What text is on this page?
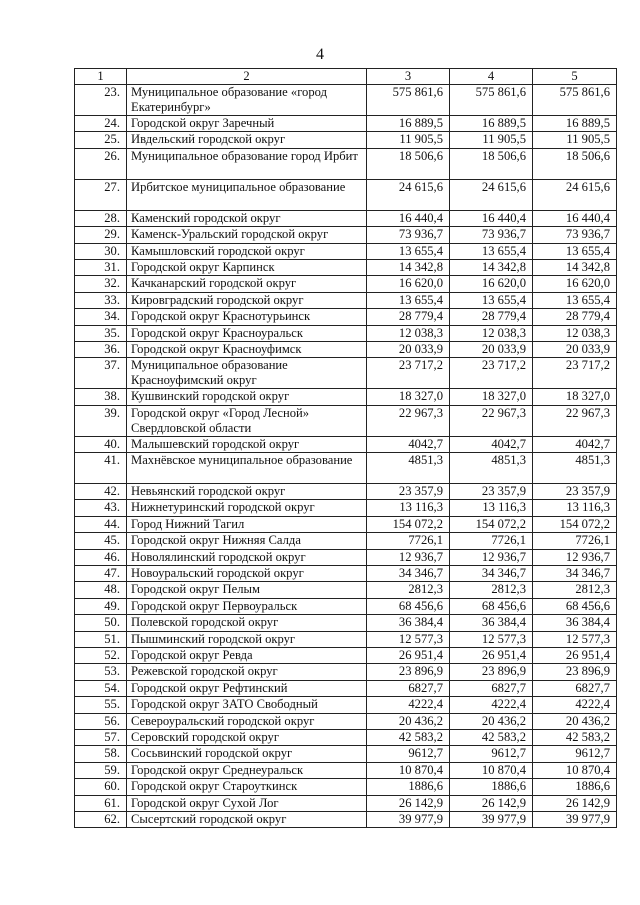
4
1	2	3	4	5
23.	Муниципальное образование «город Екатеринбург»	575 861,6	575 861,6	575 861,6
24.	Городской округ Заречный	16 889,5	16 889,5	16 889,5
25.	Ивдельский городской округ	11 905,5	11 905,5	11 905,5
26.	Муниципальное образование город Ирбит	18 506,6	18 506,6	18 506,6
27.	Ирбитское муниципальное образование	24 615,6	24 615,6	24 615,6
28.	Каменский городской округ	16 440,4	16 440,4	16 440,4
29.	Каменск-Уральский городской округ	73 936,7	73 936,7	73 936,7
30.	Камышловский городской округ	13 655,4	13 655,4	13 655,4
31.	Городской округ Карпинск	14 342,8	14 342,8	14 342,8
32.	Качканарский городской округ	16 620,0	16 620,0	16 620,0
33.	Кировградский городской округ	13 655,4	13 655,4	13 655,4
34.	Городской округ Краснотурьинск	28 779,4	28 779,4	28 779,4
35.	Городской округ Красноуральск	12 038,3	12 038,3	12 038,3
36.	Городской округ Красноуфимск	20 033,9	20 033,9	20 033,9
37.	Муниципальное образование Красноуфимский округ	23 717,2	23 717,2	23 717,2
38.	Кушвинский городской округ	18 327,0	18 327,0	18 327,0
39.	Городской округ «Город Лесной» Свердловской области	22 967,3	22 967,3	22 967,3
40.	Малышевский городской округ	4042,7	4042,7	4042,7
41.	Махнёвское муниципальное образование	4851,3	4851,3	4851,3
42.	Невьянский городской округ	23 357,9	23 357,9	23 357,9
43.	Нижнетуринский городской округ	13 116,3	13 116,3	13 116,3
44.	Город Нижний Тагил	154 072,2	154 072,2	154 072,2
45.	Городской округ Нижняя Салда	7726,1	7726,1	7726,1
46.	Новолялинский городской округ	12 936,7	12 936,7	12 936,7
47.	Новоуральский городской округ	34 346,7	34 346,7	34 346,7
48.	Городской округ Пелым	2812,3	2812,3	2812,3
49.	Городской округ Первоуральск	68 456,6	68 456,6	68 456,6
50.	Полевской городской округ	36 384,4	36 384,4	36 384,4
51.	Пышминский городской округ	12 577,3	12 577,3	12 577,3
52.	Городской округ Ревда	26 951,4	26 951,4	26 951,4
53.	Режевской городской округ	23 896,9	23 896,9	23 896,9
54.	Городской округ Рефтинский	6827,7	6827,7	6827,7
55.	Городской округ ЗАТО Свободный	4222,4	4222,4	4222,4
56.	Североуральский городской округ	20 436,2	20 436,2	20 436,2
57.	Серовский городской округ	42 583,2	42 583,2	42 583,2
58.	Сосьвинский городской округ	9612,7	9612,7	9612,7
59.	Городской округ Среднеуральск	10 870,4	10 870,4	10 870,4
60.	Городской округ Староуткинск	1886,6	1886,6	1886,6
61.	Городской округ Сухой Лог	26 142,9	26 142,9	26 142,9
62.	Сысертский городской округ	39 977,9	39 977,9	39 977,9
